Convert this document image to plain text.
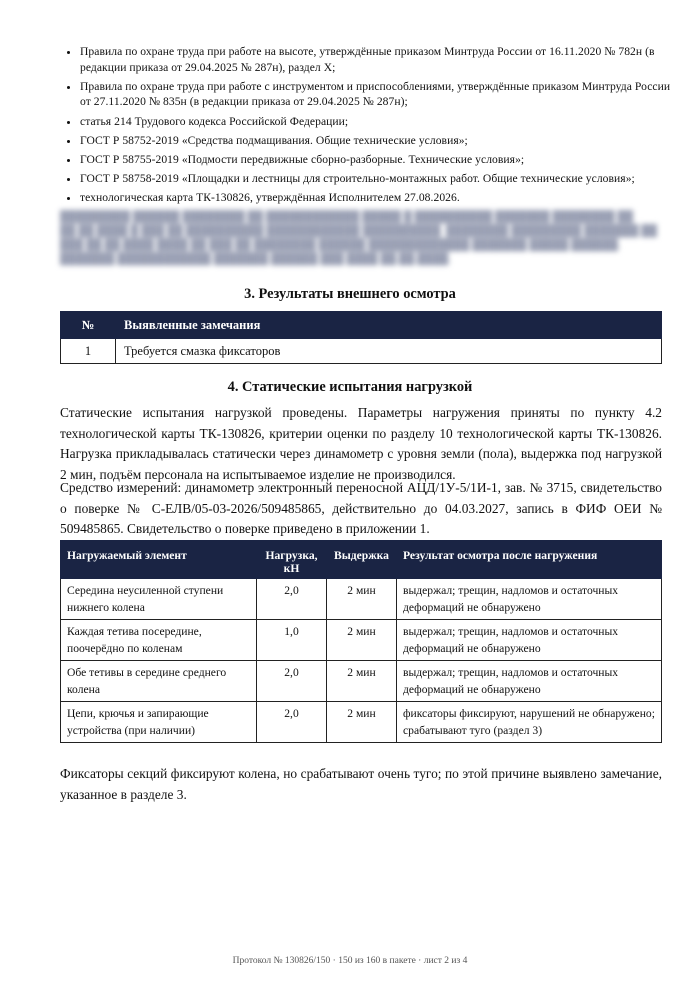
• Правила по охране труда при работе на высоте, утверждённые приказом Минтруда России от 16.11.2020 № 782н (в редакции приказа от 29.04.2025 № 287н), раздел X;
• Правила по охране труда при работе с инструментом и приспособлениями, утверждённые приказом Минтруда России от 27.11.2020 № 835н (в редакции приказа от 29.04.2025 № 287н);
• статья 214 Трудового кодекса Российской Федерации;
• ГОСТ Р 58752-2019 «Средства подмащивания. Общие технические условия»;
• ГОСТ Р 58755-2019 «Подмости передвижные сборно-разборные. Технические условия»;
• ГОСТ Р 58758-2019 «Площадки и лестницы для строительно-монтажных работ. Общие технические условия»;
• технологическая карта ТК-130826, утверждённая Исполнителем 27.08.2026.

█████████ ██████ ████████ ██ ████████████ █████ █ ██████████ ███████ ████████ ██ ██.██.████ █ ███ ██ ██████████ ████████████ ██████████. ████████ █████████ ███████ ██ ███ ██.██.████ ████ ██ ███ ██ ████████ ██████ █████████████ ███████ █████ ██████. ███████ ████████████ ███████ ██████ ███ ████ ██.██.████.

3. Результаты внешнего осмотра
№	Выявленные замечания
1	Требуется смазка фиксаторов
4. Статические испытания нагрузкой

Статические испытания нагрузкой проведены. Параметры нагружения приняты по пункту 4.2 технологической карты ТК-130826, критерии оценки по разделу 10 технологической карты ТК-130826. Нагрузка прикладывалась статически через динамометр с уровня земли (пола), выдержка под нагрузкой 2 мин, подъём персонала на испытываемое изделие не производился.

Средство измерений: динамометр электронный переносной АЦД/1У-5/1И-1, зав. № 3715, свидетельство о поверке № С-ЕЛВ/05-03-2026/509485865, действительно до 04.03.2027, запись в ФИФ ОЕИ № 509485865. Свидетельство о поверке приведено в приложении 1.

Нагружаемый элемент	Нагрузка, кН	Выдержка	Результат осмотра после нагружения
Середина неусиленной ступени нижнего колена	2,0	2 мин	выдержал; трещин, надломов и остаточных деформаций не обнаружено
Каждая тетива посередине, поочерёдно по коленам	1,0	2 мин	выдержал; трещин, надломов и остаточных деформаций не обнаружено
Обе тетивы в середине среднего колена	2,0	2 мин	выдержал; трещин, надломов и остаточных деформаций не обнаружено
Цепи, крючья и запирающие устройства (при наличии)	2,0	2 мин	фиксаторы фиксируют, нарушений не обнаружено; срабатывают туго (раздел 3)

Фиксаторы секций фиксируют колена, но срабатывают очень туго; по этой причине выявлено замечание, указанное в разделе 3.

Протокол № 130826/150 · 150 из 160 в пакете · лист 2 из 4
